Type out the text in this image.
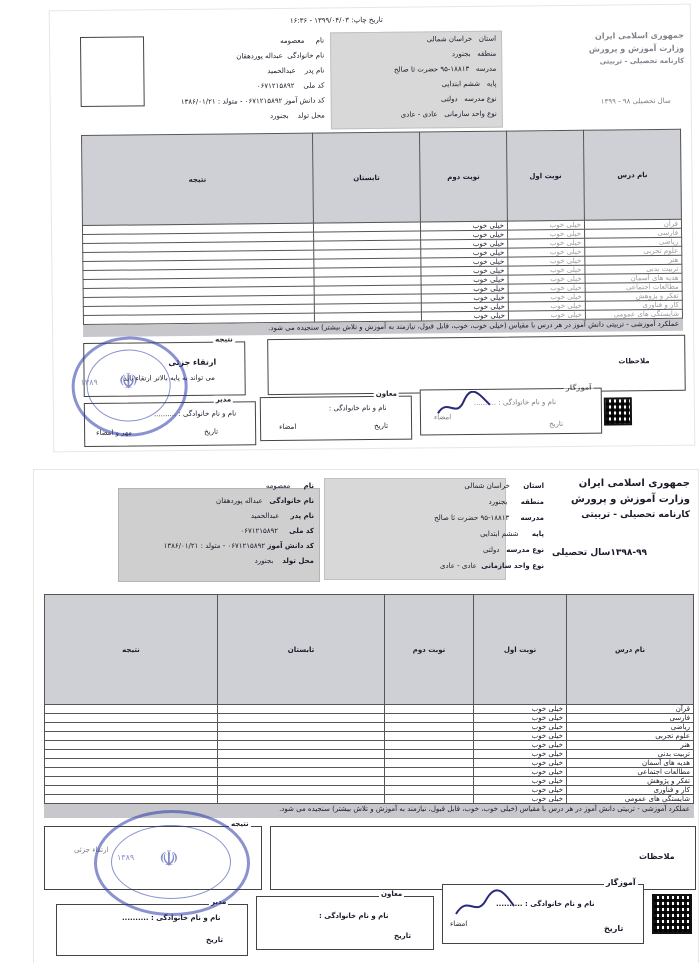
تاریخ چاپ: ۱۳۹۹/۰۴/۰۳ - ۱۶:۳۶
جمهوری اسلامی ایران
وزارت آموزش و پرورش
کارنامه تحصیلی - تربیتی
سال تحصیلی ۹۸ - ۱۳۹۹
استان   خراسان شمالی
منطقه   بجنورد
مدرسه   ۱۸۸۱۳-۹۵ حضرت ثا صالح
پایه   ششم ابتدایی
نوع مدرسه   دولتی
نوع واحد سازمانی   عادی - عادی
نام     معصومه
نام خانوادگی  عبداله پوردهقان
نام پدر    عبدالحمید
کد ملی    ۰۶۷۱۲۱۵۸۹۲
کد دانش آموز ۰۶۷۱۲۱۵۸۹۲ - متولد : ۱۳۸۶/۰۱/۲۱
محل تولد    بجنورد
نام درس	نوبت اول	نوبت دوم	تابستان	نتیجه
قرآن	خیلی خوب	خیلی خوب		
فارسی	خیلی خوب	خیلی خوب		
ریاضی	خیلی خوب	خیلی خوب		
علوم تجربی	خیلی خوب	خیلی خوب		
هنر	خیلی خوب	خیلی خوب		
تربیت بدنی	خیلی خوب	خیلی خوب		
هدیه های آسمان	خیلی خوب	خیلی خوب		
مطالعات اجتماعی	خیلی خوب	خیلی خوب		
تفکر و پژوهش	خیلی خوب	خیلی خوب		
کار و فناوری	خیلی خوب	خیلی خوب		
شایستگی های عمومی	خیلی خوب	خیلی خوب		
عملکرد آموزشی - تربیتی دانش آموز در هر درس با مقیاس (خیلی خوب، خوب، قابل قبول، نیازمند به آموزش و تلاش بیشتر) سنجیده می شود.
نتیجه
ارتقاء جزئی
می تواند به پایه بالاتر ارتقاء یابد
ملاحظات
مدیر
نام و نام خانوادگی : ..........
مهر و امضاء	تاریخ
معاون
نام و نام خانوادگی :
امضاء	تاریخ
آموزگار
نام و نام خانوادگی : ..........
امضاء
تاریخ
☫
۱۳۸۹
جمهوری اسلامی ایران
وزارت آموزش و پرورش
کارنامه تحصیلی - تربیتی
۱۳۹۸-۹۹سال تحصیلی
استان      خراسان شمالی
منطقه      بجنورد
مدرسه     ۱۸۸۱۳-۹۵ حضرت ثا صالح
پایه      ششم ابتدایی
نوع مدرسه   دولتی
نوع واحد سازمانی  عادی - عادی
نام      معصومه
نام خانوادگی   عبداله پوردهقان
نام پدر     عبدالحمید
کد ملی     ۰۶۷۱۲۱۵۸۹۲
کد دانش آموز ۰۶۷۱۲۱۵۸۹۲ - متولد : ۱۳۸۶/۰۱/۲۱
محل تولد    بجنورد
نام درس	نوبت اول	نوبت دوم	تابستان	نتیجه
قرآن	خیلی خوب			
فارسی	خیلی خوب			
ریاضی	خیلی خوب			
علوم تجربی	خیلی خوب			
هنر	خیلی خوب			
تربیت بدنی	خیلی خوب			
هدیه های آسمان	خیلی خوب			
مطالعات اجتماعی	خیلی خوب			
تفکر و پژوهش	خیلی خوب			
کار و فناوری	خیلی خوب			
شایستگی های عمومی	خیلی خوب			
عملکرد آموزشی - تربیتی دانش آموز در هر درس با مقیاس (خیلی خوب، خوب، قابل قبول، نیازمند به آموزش و تلاش بیشتر) سنجیده می شود.
نتیجه
ارتقاء جزئی
ملاحظات
مدیر
نام و نام خانوادگی : ..........
تاریخ
معاون
نام و نام خانوادگی :
تاریخ
آموزگار
نام و نام خانوادگی : ..........
امضاء	تاریخ
☫
۱۳۸۹
